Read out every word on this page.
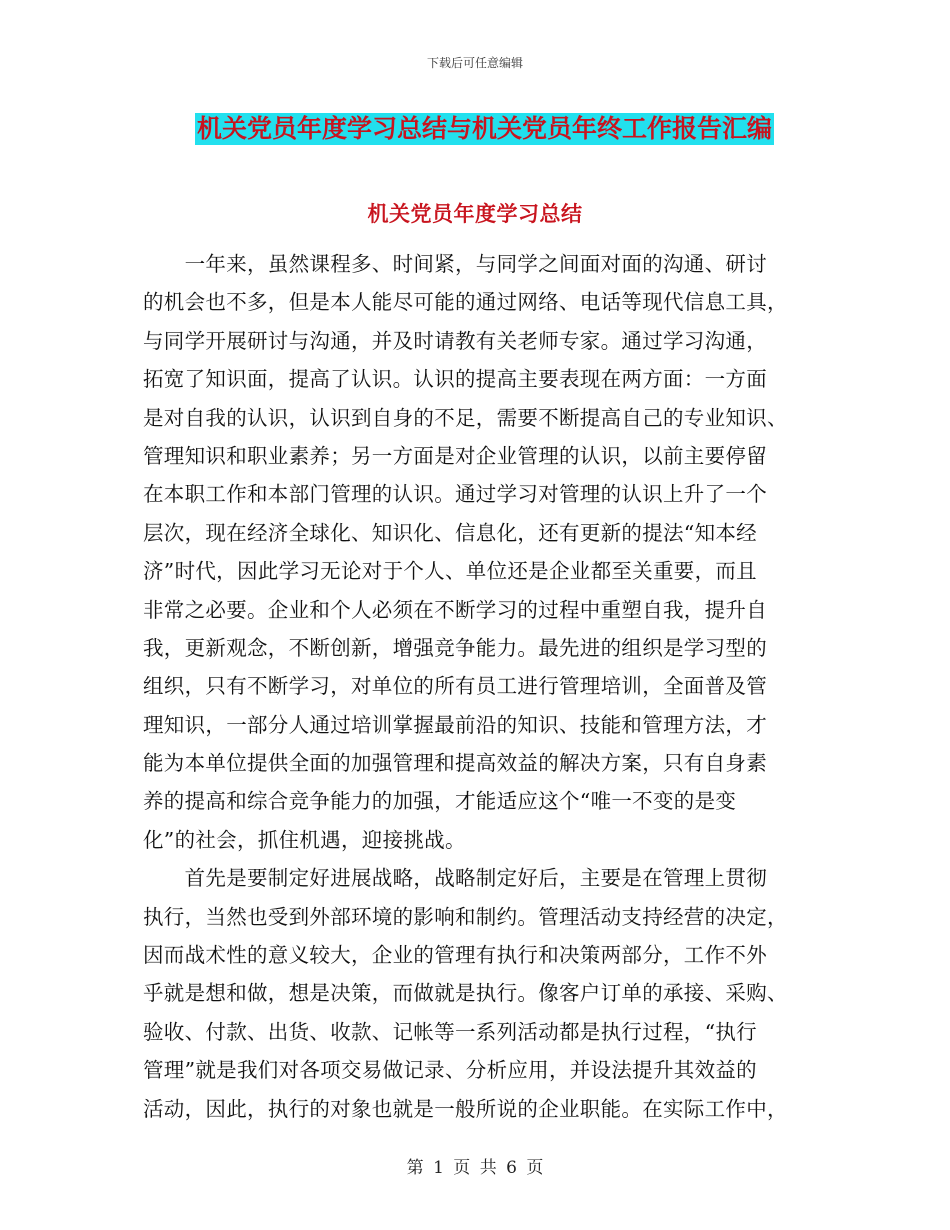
下载后可任意编辑
机关党员年度学习总结与机关党员年终工作报告汇编
机关党员年度学习总结
　　一年来，虽然课程多、时间紧，与同学之间面对面的沟通、研讨
的机会也不多，但是本人能尽可能的通过网络、电话等现代信息工具，
与同学开展研讨与沟通，并及时请教有关老师专家。通过学习沟通，
拓宽了知识面，提高了认识。认识的提高主要表现在两方面：一方面
是对自我的认识，认识到自身的不足，需要不断提高自己的专业知识、
管理知识和职业素养；另一方面是对企业管理的认识，以前主要停留
在本职工作和本部门管理的认识。通过学习对管理的认识上升了一个
层次，现在经济全球化、知识化、信息化，还有更新的提法“知本经
济”时代，因此学习无论对于个人、单位还是企业都至关重要，而且
非常之必要。企业和个人必须在不断学习的过程中重塑自我，提升自
我，更新观念，不断创新，增强竞争能力。最先进的组织是学习型的
组织，只有不断学习，对单位的所有员工进行管理培训，全面普及管
理知识，一部分人通过培训掌握最前沿的知识、技能和管理方法，才
能为本单位提供全面的加强管理和提高效益的解决方案，只有自身素
养的提高和综合竞争能力的加强，才能适应这个“唯一不变的是变
化”的社会，抓住机遇，迎接挑战。
　　首先是要制定好进展战略，战略制定好后，主要是在管理上贯彻
执行，当然也受到外部环境的影响和制约。管理活动支持经营的决定，
因而战术性的意义较大，企业的管理有执行和决策两部分，工作不外
乎就是想和做，想是决策，而做就是执行。像客户订单的承接、采购、
验收、付款、出货、收款、记帐等一系列活动都是执行过程，“执行
管理”就是我们对各项交易做记录、分析应用，并设法提升其效益的
活动，因此，执行的对象也就是一般所说的企业职能。在实际工作中，
第 1 页 共 6 页
